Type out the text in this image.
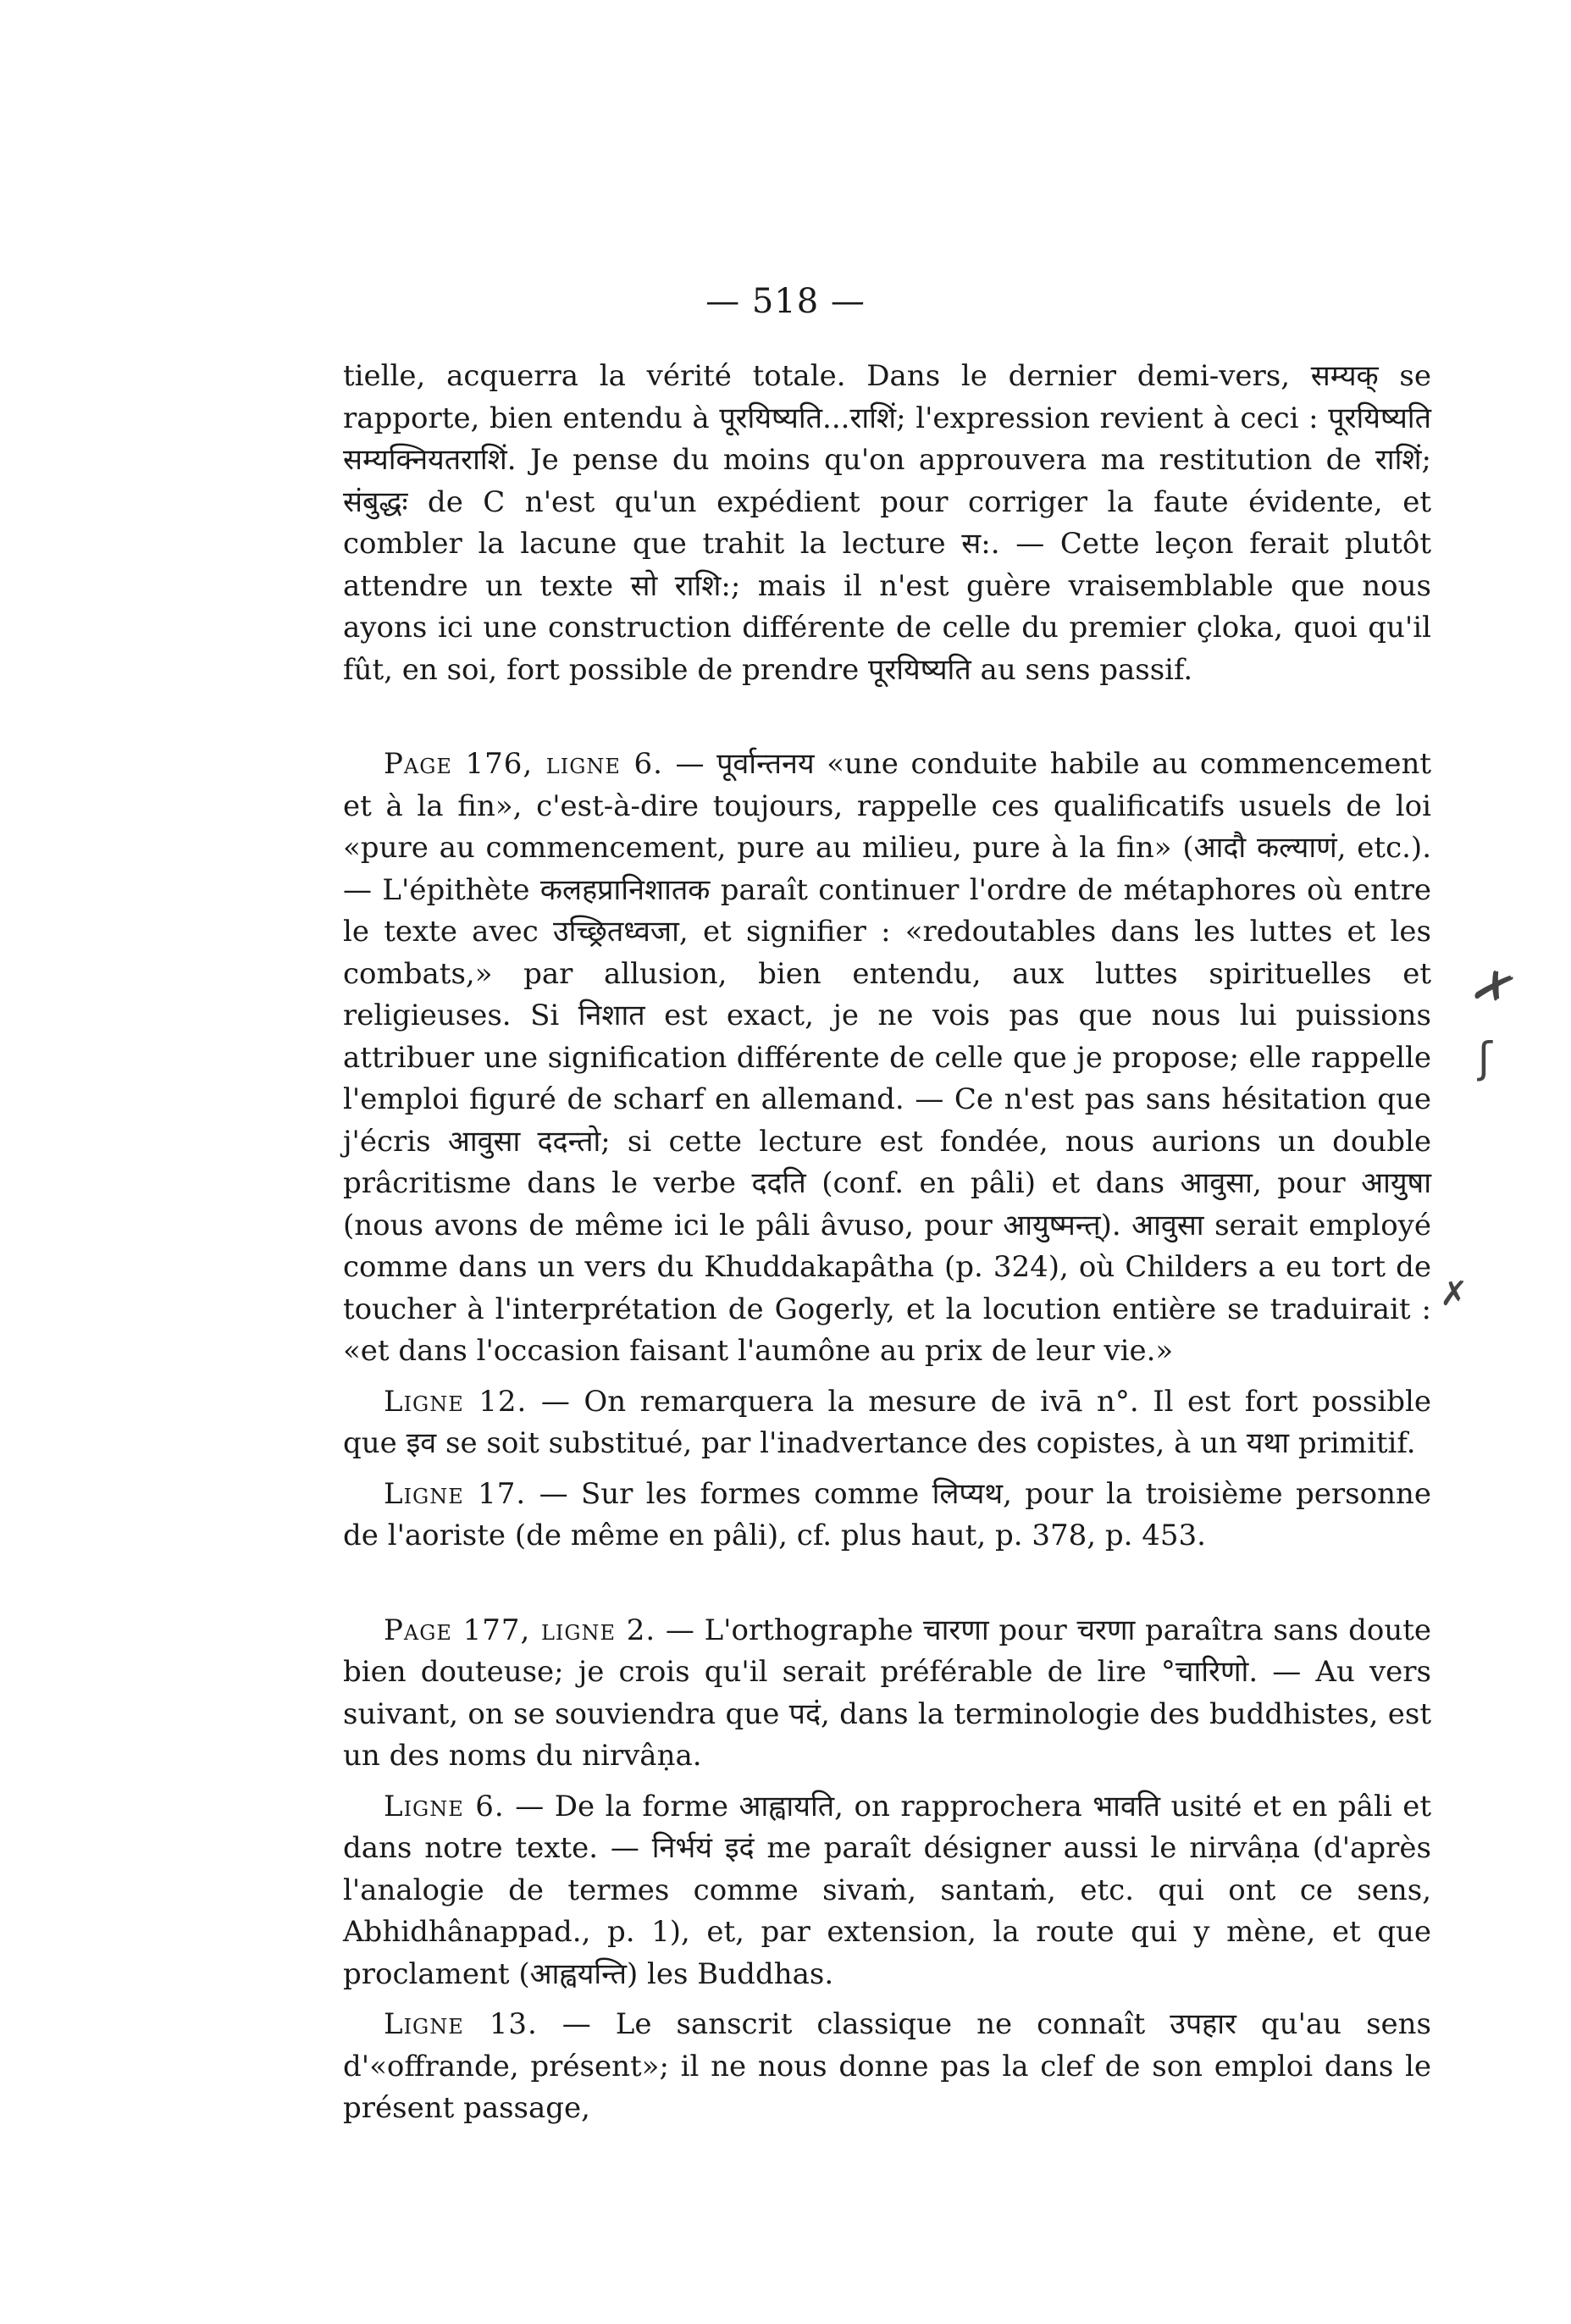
— 518 —

tielle, acquerra la vérité totale. Dans le dernier demi-vers, सम्यक् se rapporte, bien entendu à पूरयिष्यति...राशिं; l'expression revient à ceci : पूरयिष्यति सम्यक्नियतराशिं. Je pense du moins qu'on approuvera ma restitution de राशिं; संबुद्धः de C n'est qu'un expédient pour corriger la faute évidente, et combler la lacune que trahit la lecture स:. — Cette leçon ferait plutôt attendre un texte सो राशि:; mais il n'est guère vraisemblable que nous ayons ici une construction différente de celle du premier çloka, quoi qu'il fût, en soi, fort possible de prendre पूरयिष्यति au sens passif.

Page 176, ligne 6. — पूर्वान्तनय «une conduite habile au commencement et à la fin», c'est-à-dire toujours, rappelle ces qualificatifs usuels de loi «pure au commencement, pure au milieu, pure à la fin» (आदौ कल्याणं, etc.). — L'épithète कलहप्रानिशातक paraît continuer l'ordre de métaphores où entre le texte avec उच्छ्रितध्वजा, et signifier : «redoutables dans les luttes et les combats,» par allusion, bien entendu, aux luttes spirituelles et religieuses. Si निशात est exact, je ne vois pas que nous lui puissions attribuer une signification différente de celle que je propose; elle rappelle l'emploi figuré de scharf en allemand. — Ce n'est pas sans hésitation que j'écris आवुसा ददन्तो; si cette lecture est fondée, nous aurions un double prâcritisme dans le verbe ददति (conf. en pâli) et dans आवुसा, pour आयुषा (nous avons de même ici le pâli âvuso, pour आयुष्मन्त्). आवुसा serait employé comme dans un vers du Khuddakapâtha (p. 324), où Childers a eu tort de toucher à l'interprétation de Gogerly, et la locution entière se traduirait : «et dans l'occasion faisant l'aumône au prix de leur vie.»

Ligne 12. — On remarquera la mesure de ivā n°. Il est fort possible que इव se soit substitué, par l'inadvertance des copistes, à un यथा primitif.

Ligne 17. — Sur les formes comme लिप्यथ, pour la troisième personne de l'aoriste (de même en pâli), cf. plus haut, p. 378, p. 453.

Page 177, ligne 2. — L'orthographe चारणा pour चरणा paraîtra sans doute bien douteuse; je crois qu'il serait préférable de lire °चारिणो. — Au vers suivant, on se souviendra que पदं, dans la terminologie des buddhistes, est un des noms du nirvâṇa.

Ligne 6. — De la forme आह्वायति, on rapprochera भावति usité et en pâli et dans notre texte. — निर्भयं इदं me paraît désigner aussi le nirvâṇa (d'après l'analogie de termes comme sivaṁ, santaṁ, etc. qui ont ce sens, Abhidhânappad., p. 1), et, par extension, la route qui y mène, et que proclament (आह्वयन्ति) les Buddhas.

Ligne 13. — Le sanscrit classique ne connaît उपहार qu'au sens d'«offrande, présent»; il ne nous donne pas la clef de son emploi dans le présent passage,

✗
ʃ
✗
